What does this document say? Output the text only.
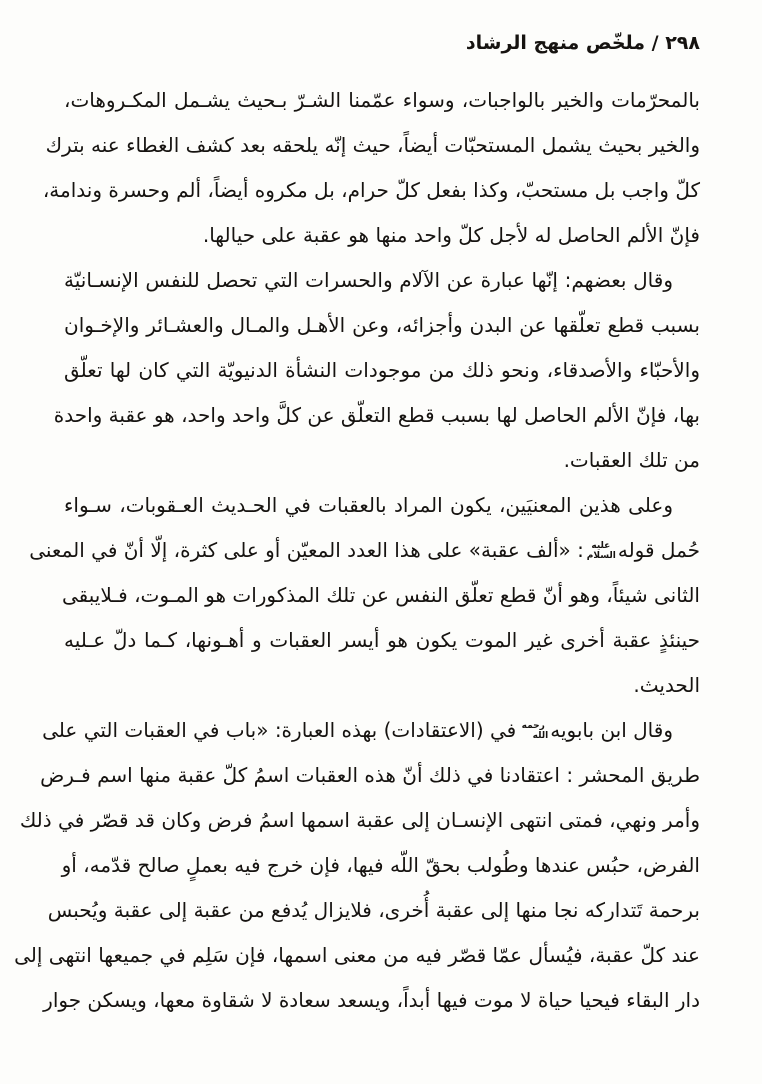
٢٩٨ / ملخّص منهج الرشاد
بالمحرّمات والخير بالواجبات، وسواء عمّمنا الشـرّ بـحيث يشـمل المكـروهات،
والخير بحيث يشمل المستحبّات أيضاً، حيث إنّه يلحقه بعد كشف الغطاء عنه بترك
كلّ واجب بل مستحبّ، وكذا بفعل كلّ حرام، بل مكروه أيضاً، ألم وحسرة وندامة،
فإنّ الألم الحاصل له لأجل كلّ واحد منها هو عقبة على حيالها.
وقال بعضهم: إنّها عبارة عن الآلام والحسرات التي تحصل للنفس الإنسـانيّة
بسبب قطع تعلّقها عن البدن وأجزائه، وعن الأهـل والمـال والعشـائر والإخـوان
والأحبّاء والأصدقاء، ونحو ذلك من موجودات النشأة الدنيويّة التي كان لها تعلّق
بها، فإنّ الألم الحاصل لها بسبب قطع التعلّق عن كلَّ واحد واحد، هو عقبة واحدة
من تلك العقبات.
وعلى هذين المعنيَين، يكون المراد بالعقبات في الحـديث العـقوبات، سـواء
حُمل قولهعليه السلام: «ألف عقبة» على هذا العدد المعيّن أو على كثرة، إلّا أنّ في المعنى
الثانى شيئاً، وهو أنّ قطع تعلّق النفس عن تلك المذكورات هو المـوت، فـلايبقى
حينئذٍ عقبة أخرى غير الموت يكون هو أيسر العقبات و أهـونها، كـما دلّ عـليه
الحديث.
وقال ابن بابويهرحمه اللهفي (الاعتقادات) بهذه العبارة: «باب في العقبات التي على
طريق المحشر : اعتقادنا في ذلك أنّ هذه العقبات اسمُ كلّ عقبة منها اسم فـرض
وأمر ونهي، فمتى انتهى الإنسـان إلى عقبة اسمها اسمُ فرض وكان قد قصّر في ذلك
الفرض، حبُس عندها وطُولب بحقّ اللّه فيها، فإن خرج فيه بعملٍ صالح قدّمه، أو
برحمة تَتداركه نجا منها إلى عقبة أُخرى، فلايزال يُدفع من عقبة إلى عقبة ويُحبس
عند كلّ عقبة، فيُسأل عمّا قصّر فيه من معنى اسمها، فإن سَلِم في جميعها انتهى إلى
دار البقاء فيحيا حياة لا موت فيها أبداً، ويسعد سعادة لا شقاوة معها، ويسكن جوار
